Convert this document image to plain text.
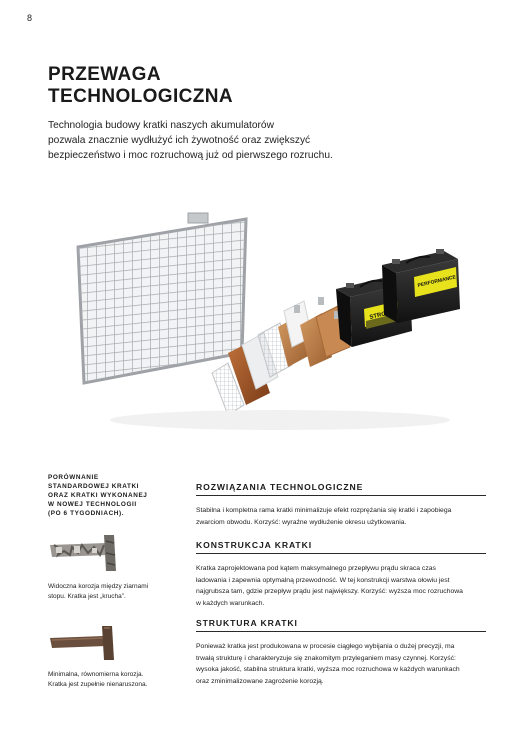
8
PRZEWAGA
TECHNOLOGICZNA

Technologia budowy kratki naszych akumulatorów
pozwala znacznie wydłużyć ich żywotność oraz zwiększyć
bezpieczeństwo i moc rozruchową już od pierwszego rozruchu.

PERFORMANCE
PORÓWNANIE
STANDARDOWEJ KRATKI
ORAZ KRATKI WYKONANEJ
W NOWEJ TECHNOLOGII
(PO 6 TYGODNIACH).
Widoczna korozja między ziarnami
stopu. Kratka jest „krucha”.
Minimalna, równomierna korozja.
Kratka jest zupełnie nienaruszona.
ROZWIĄZANIA TECHNOLOGICZNE

Stabilna i kompletna rama kratki minimalizuje efekt rozprężania się kratki i zapobiega
zwarciom obwodu. Korzyść: wyraźne wydłużenie okresu użytkowania.

KONSTRUKCJA KRATKI

Kratka zaprojektowana pod kątem maksymalnego przepływu prądu skraca czas
ładowania i zapewnia optymalną przewodność. W tej konstrukcji warstwa ołowiu jest
najgrubsza tam, gdzie przepływ prądu jest największy. Korzyść: wyższa moc rozruchowa
w każdych warunkach.

STRUKTURA KRATKI

Ponieważ kratka jest produkowana w procesie ciągłego wybijania o dużej precyzji, ma
trwałą strukturę i charakteryzuje się znakomitym przyleganiem masy czynnej. Korzyść:
wysoka jakość, stabilna struktura kratki, wyższa moc rozruchowa w każdych warunkach
oraz zminimalizowane zagrożenie korozją.
